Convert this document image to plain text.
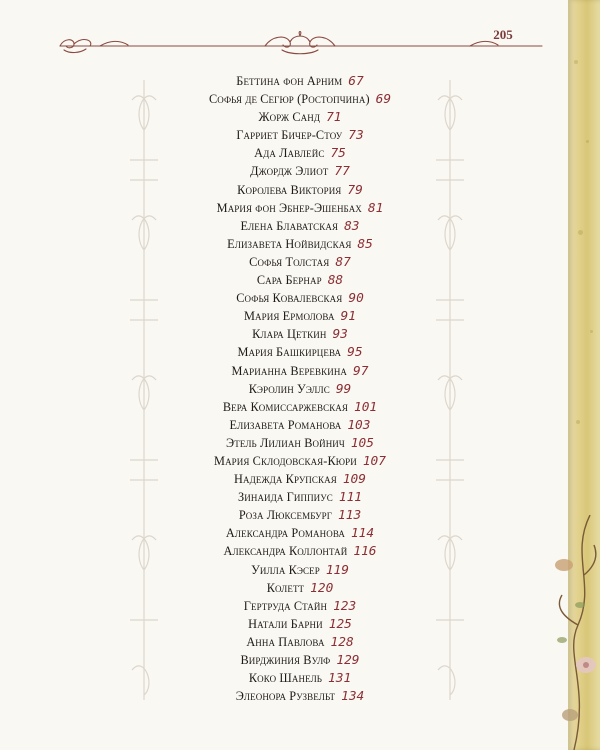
205
Беттина фон Арним 67
Софья де Сегюр (Ростопчина) 69
Жорж Санд 71
Гарриет Бичер-Стоу 73
Ада Лавлейс 75
Джордж Элиот 77
Королева Виктория 79
Мария фон Эбнер-Эшенбах 81
Елена Блаватская 83
Елизавета Нойвидская 85
Софья Толстая 87
Сара Бернар 88
Софья Ковалевская 90
Мария Ермолова 91
Клара Цеткин 93
Мария Башкирцева 95
Марианна Веревкина 97
Кэролин Уэллс 99
Вера Комиссаржевская 101
Елизавета Романова 103
Этель Лилиан Войнич 105
Мария Склодовская-Кюри 107
Надежда Крупская 109
Зинаида Гиппиус 111
Роза Люксембург 113
Александра Романова 114
Александра Коллонтай 116
Уилла Кэсер 119
Колетт 120
Гертруда Стайн 123
Натали Барни 125
Анна Павлова 128
Вирджиния Вулф 129
Коко Шанель 131
Элеонора Рузвельт 134
